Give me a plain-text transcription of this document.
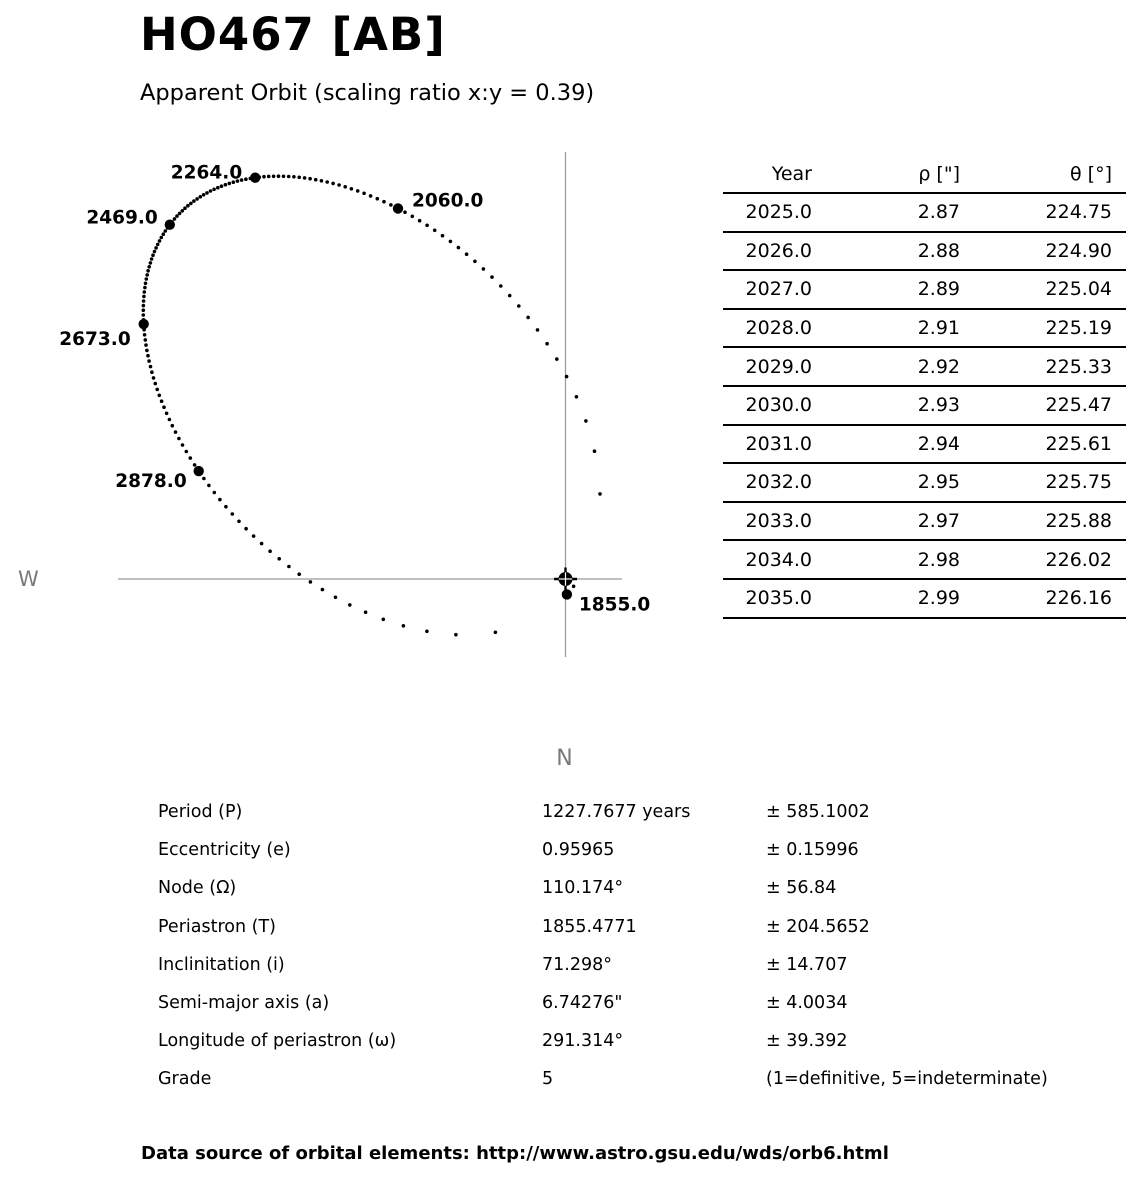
HO467 [AB]
Apparent Orbit (scaling ratio x:y = 0.39)
W
N
1855.0
2060.0
2264.0
2469.0
2673.0
2878.0
Year	ρ ["]	θ [°]
2025.0	2.87	224.75
2026.0	2.88	224.90
2027.0	2.89	225.04
2028.0	2.91	225.19
2029.0	2.92	225.33
2030.0	2.93	225.47
2031.0	2.94	225.61
2032.0	2.95	225.75
2033.0	2.97	225.88
2034.0	2.98	226.02
2035.0	2.99	226.16
Period (P)	1227.7677 years	± 585.1002
Eccentricity (e)	0.95965	± 0.15996
Node (Ω)	110.174°	± 56.84
Periastron (T)	1855.4771	± 204.5652
Inclinitation (i)	71.298°	± 14.707
Semi-major axis (a)	6.74276"	± 4.0034
Longitude of periastron (ω)	291.314°	± 39.392
Grade	5	(1=definitive, 5=indeterminate)
Data source of orbital elements: http://www.astro.gsu.edu/wds/orb6.html
